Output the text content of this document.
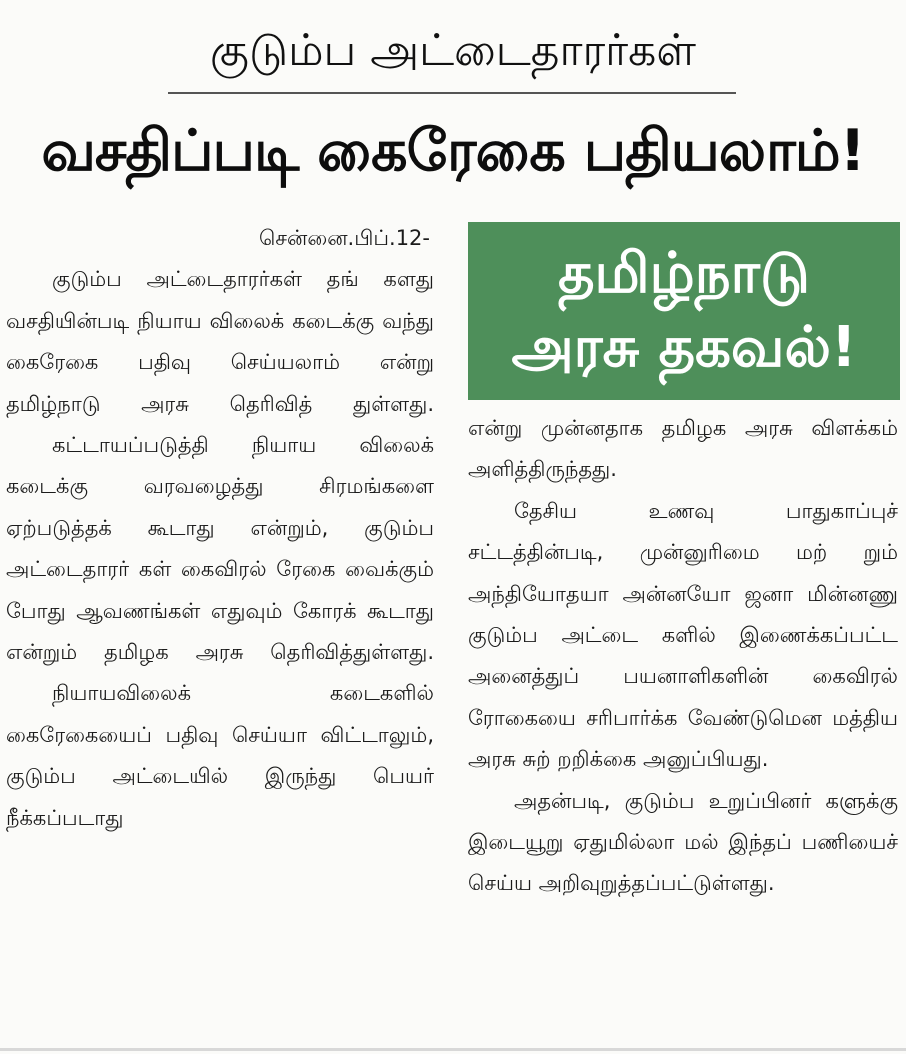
குடும்ப அட்டைதாரர்கள்
வசதிப்படி கைரேகை பதியலாம்!
சென்னை.பிப்.12-

குடும்ப அட்டைதாரர்கள் தங் களது வசதியின்படி நியாய விலைக் கடைக்கு வந்து கைரேகை பதிவு செய்யலாம் என்று தமிழ்நாடு அரசு தெரிவித் துள்ளது.

கட்டாயப்படுத்தி நியாய விலைக் கடைக்கு வரவழைத்து சிரமங்களை ஏற்படுத்தக் கூடாது என்றும், குடும்ப அட்டைதாரர் கள் கைவிரல் ரேகை வைக்கும் போது ஆவணங்கள் எதுவும் கோரக் கூடாது என்றும் தமிழக அரசு தெரிவித்துள்ளது.

நியாயவிலைக் கடைகளில் கைரேகையைப் பதிவு செய்யா விட்டாலும், குடும்ப அட்டையில் இருந்து பெயர் நீக்கப்படாது

தமிழ்நாடு
அரசு தகவல்!

என்று முன்னதாக தமிழக அரசு விளக்கம் அளித்திருந்தது.

தேசிய உணவு பாதுகாப்புச் சட்டத்தின்படி, முன்னுரிமை மற் றும் அந்தியோதயா அன்னயோ ஜனா மின்னணு குடும்ப அட்டை களில் இணைக்கப்பட்ட அனைத்துப் பயனாளிகளின் கைவிரல் ரோகையை சரிபார்க்க வேண்டுமென மத்திய அரசு சுற் றறிக்கை அனுப்பியது.

அதன்படி, குடும்ப உறுப்பினர் களுக்கு இடையூறு ஏதுமில்லா மல் இந்தப் பணியைச் செய்ய அறிவுறுத்தப்பட்டுள்ளது.
